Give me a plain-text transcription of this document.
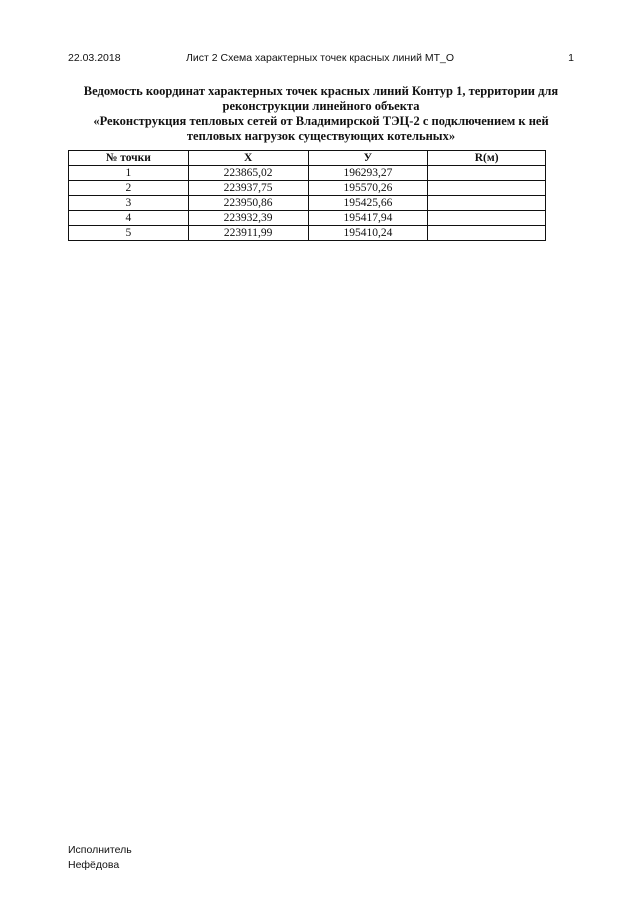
22.03.2018	Лист 2 Схема характерных точек красных линий МТ_О	1
Ведомость координат характерных точек красных линий Контур 1, территории для
реконструкции линейного объекта
«Реконструкция тепловых сетей от Владимирской ТЭЦ-2 с подключением к ней
тепловых нагрузок существующих котельных»
№ точки	X	У	R(м)
1	223865,02	196293,27	
2	223937,75	195570,26	
3	223950,86	195425,66	
4	223932,39	195417,94	
5	223911,99	195410,24	
Исполнитель
Нефёдова
